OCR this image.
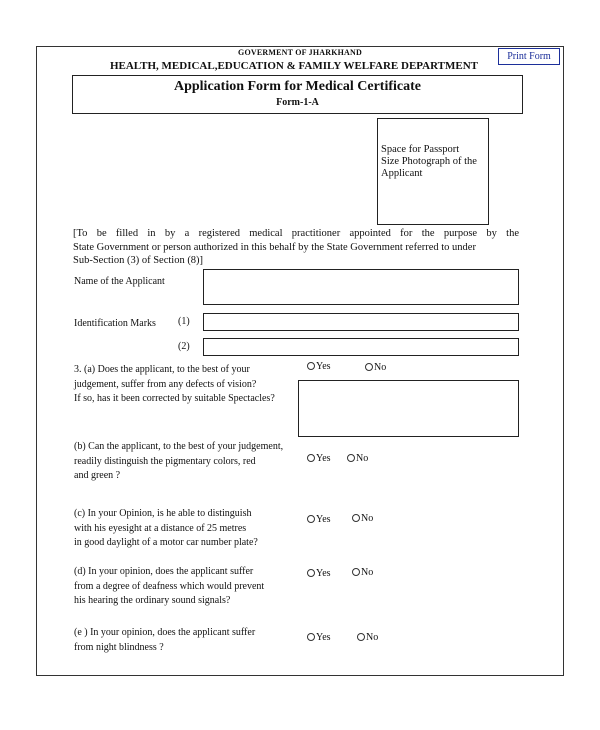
GOVERMENT OF JHARKHAND
HEALTH, MEDICAL,EDUCATION & FAMILY WELFARE DEPARTMENT
Print Form
Application Form for Medical Certificate
Form-1-A
Space for Passport
Size Photograph of the
Applicant
[To be filled in by a registered medical practitioner appointed for the purpose by the
State Government or person authorized in this behalf by the State Government referred to under
Sub-Section (3) of Section (8)]
Name of the Applicant
Identification Marks (1)
(2)
3. (a) Does the applicant, to the best of your
judgement, suffer from any defects of vision?
If so, has it been corrected by suitable Spectacles?
Yes	No
(b) Can the applicant, to the best of your judgement,
readily distinguish the pigmentary colors, red
and green ?
Yes	No
(c) In your Opinion, is he able to distinguish
with his eyesight at a distance of 25 metres
in good daylight of a motor car number plate?
Yes	No
(d) In your opinion, does the applicant suffer
from a degree of deafness which would prevent
his hearing the ordinary sound signals?
Yes	No
(e ) In your opinion, does the applicant suffer
from night blindness ?
Yes	No
